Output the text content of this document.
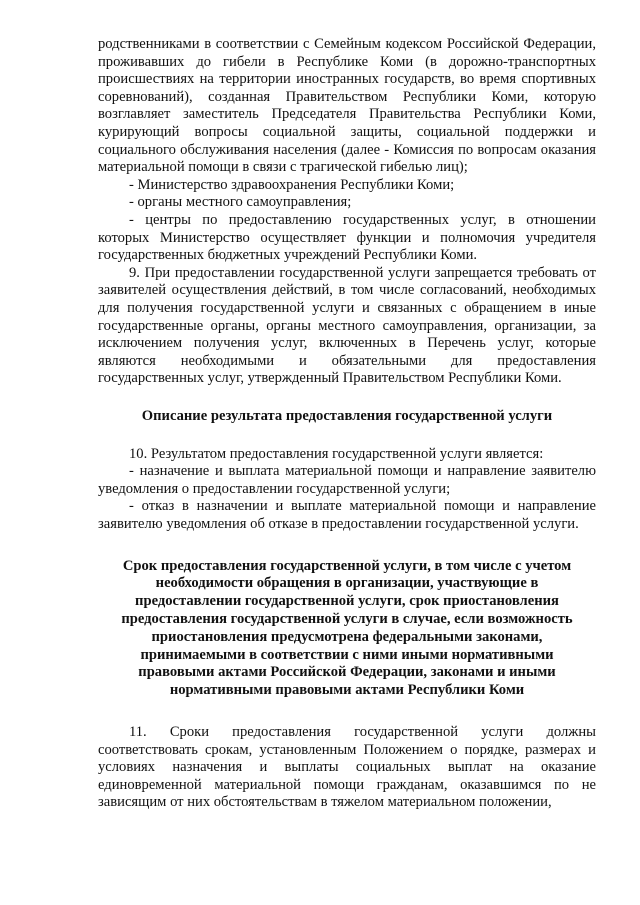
родственниками в соответствии с Семейным кодексом Российской Федерации, проживавших до гибели в Республике Коми (в дорожно-транспортных происшествиях на территории иностранных государств, во время спортивных соревнований), созданная Правительством Республики Коми, которую возглавляет заместитель Председателя Правительства Республики Коми, курирующий вопросы социальной защиты, социальной поддержки и социального обслуживания населения (далее - Комиссия по вопросам оказания материальной помощи в связи с трагической гибелью лиц);

- Министерство здравоохранения Республики Коми;

- органы местного самоуправления;

- центры по предоставлению государственных услуг, в отношении которых Министерство осуществляет функции и полномочия учредителя государственных бюджетных учреждений Республики Коми.

9. При предоставлении государственной услуги запрещается требовать от заявителей осуществления действий, в том числе согласований, необходимых для получения государственной услуги и связанных с обращением в иные государственные органы, органы местного самоуправления, организации, за исключением получения услуг, включенных в Перечень услуг, которые являются необходимыми и обязательными для предоставления государственных услуг, утвержденный Правительством Республики Коми.

Описание результата предоставления государственной услуги

10. Результатом предоставления государственной услуги является:

- назначение и выплата материальной помощи и направление заявителю уведомления о предоставлении государственной услуги;

- отказ в назначении и выплате материальной помощи и направление заявителю уведомления об отказе в предоставлении государственной услуги.

Срок предоставления государственной услуги, в том числе с учетом необходимости обращения в организации, участвующие в предоставлении государственной услуги, срок приостановления предоставления государственной услуги в случае, если возможность приостановления предусмотрена федеральными законами, принимаемыми в соответствии с ними иными нормативными правовыми актами Российской Федерации, законами и иными нормативными правовыми актами Республики Коми

11. Сроки предоставления государственной услуги должны соответствовать срокам, установленным Положением о порядке, размерах и условиях назначения и выплаты социальных выплат на оказание единовременной материальной помощи гражданам, оказавшимся по не зависящим от них обстоятельствам в тяжелом материальном положении,
